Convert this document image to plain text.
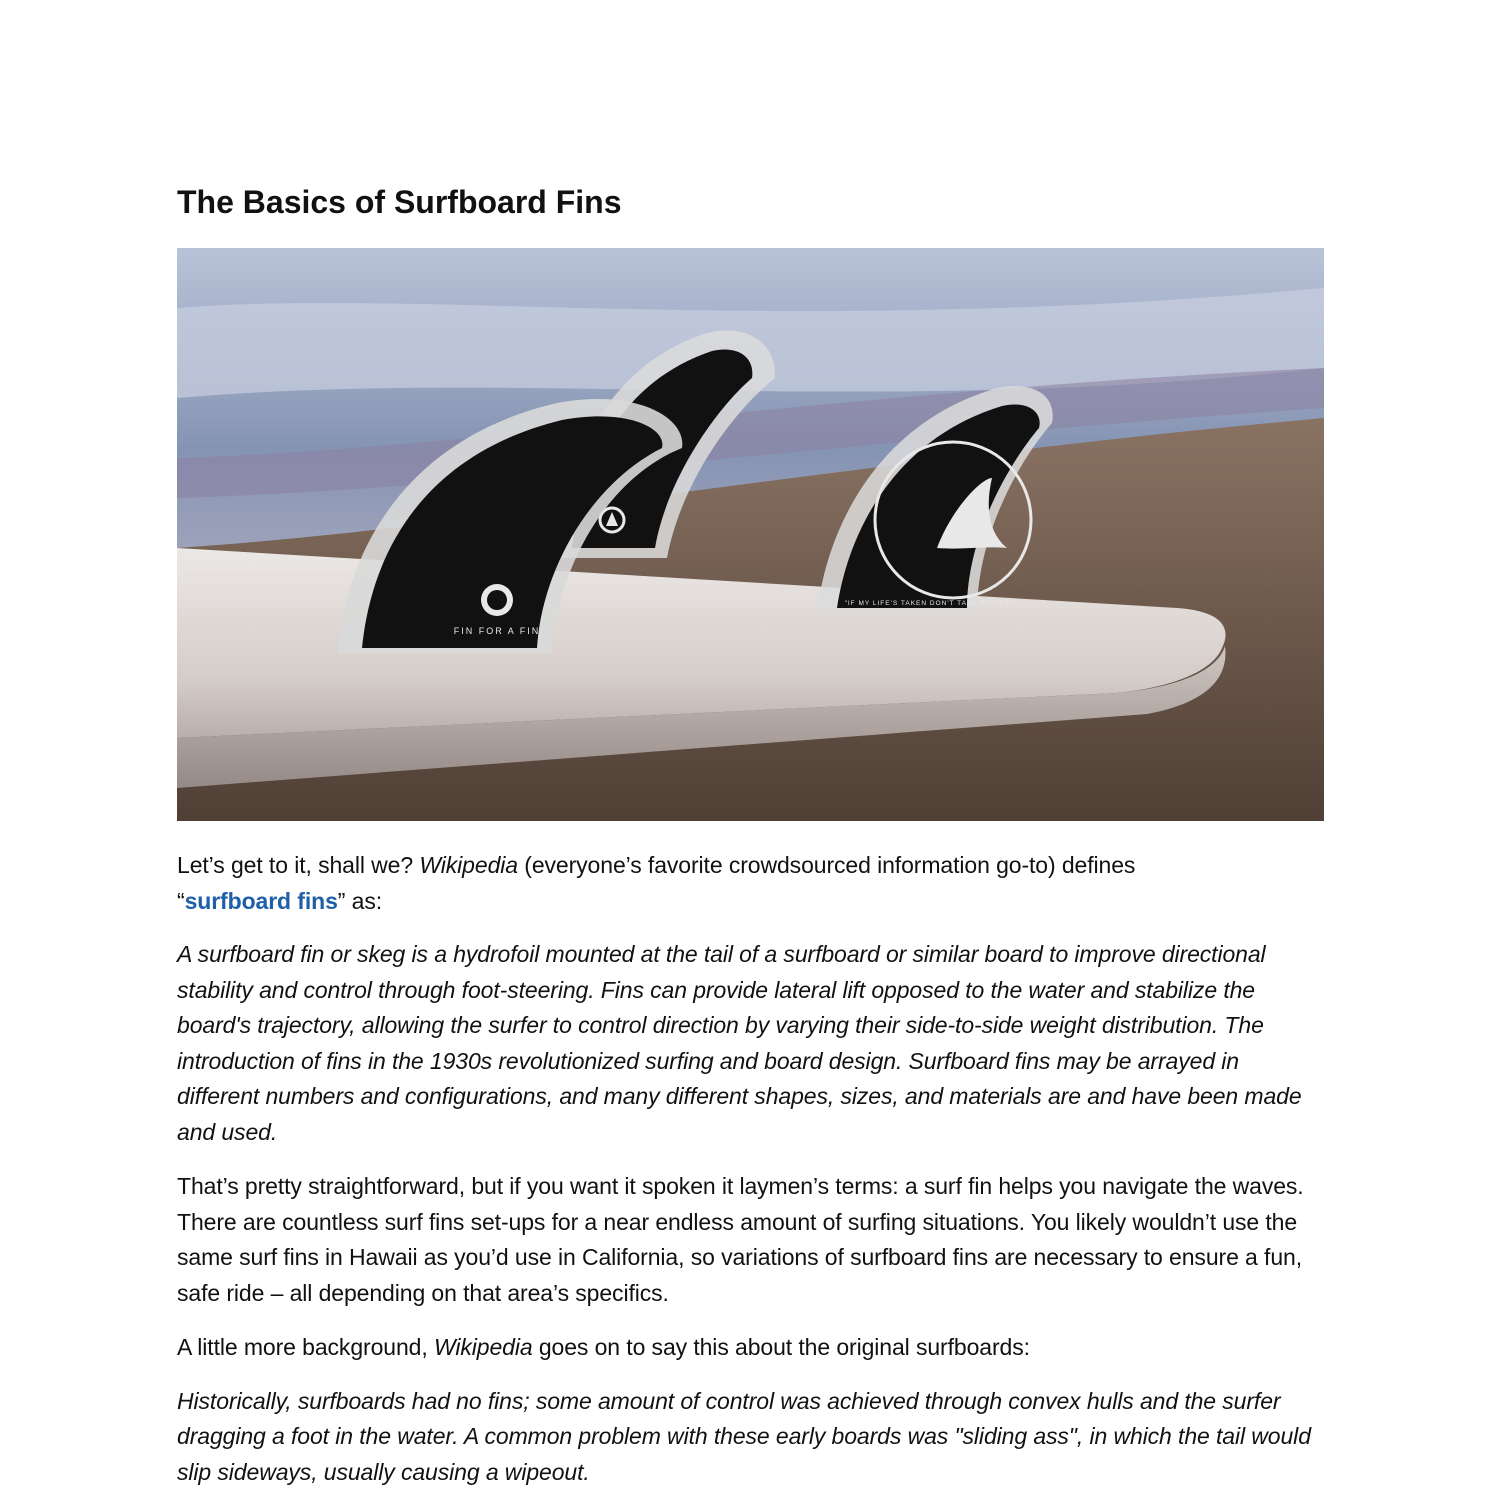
The Basics of Surfboard Fins
FIN FOR A FIN
"IF MY LIFE'S TAKEN DON'T TAKE THEIRS"

Let’s get to it, shall we? Wikipedia (everyone’s favorite crowdsourced information go-to) defines
“surfboard fins” as:

A surfboard fin or skeg is a hydrofoil mounted at the tail of a surfboard or similar board to improve directional stability and control through foot-steering. Fins can provide lateral lift opposed to the water and stabilize the board's trajectory, allowing the surfer to control direction by varying their side-to-side weight distribution. The introduction of fins in the 1930s revolutionized surfing and board design. Surfboard fins may be arrayed in different numbers and configurations, and many different shapes, sizes, and materials are and have been made and used.

That’s pretty straightforward, but if you want it spoken it laymen’s terms: a surf fin helps you navigate the waves. There are countless surf fins set-ups for a near endless amount of surfing situations. You likely wouldn’t use the same surf fins in Hawaii as you’d use in California, so variations of surfboard fins are necessary to ensure a fun, safe ride – all depending on that area’s specifics.

A little more background, Wikipedia goes on to say this about the original surfboards:

Historically, surfboards had no fins; some amount of control was achieved through convex hulls and the surfer dragging a foot in the water. A common problem with these early boards was "sliding ass", in which the tail would slip sideways, usually causing a wipeout.
